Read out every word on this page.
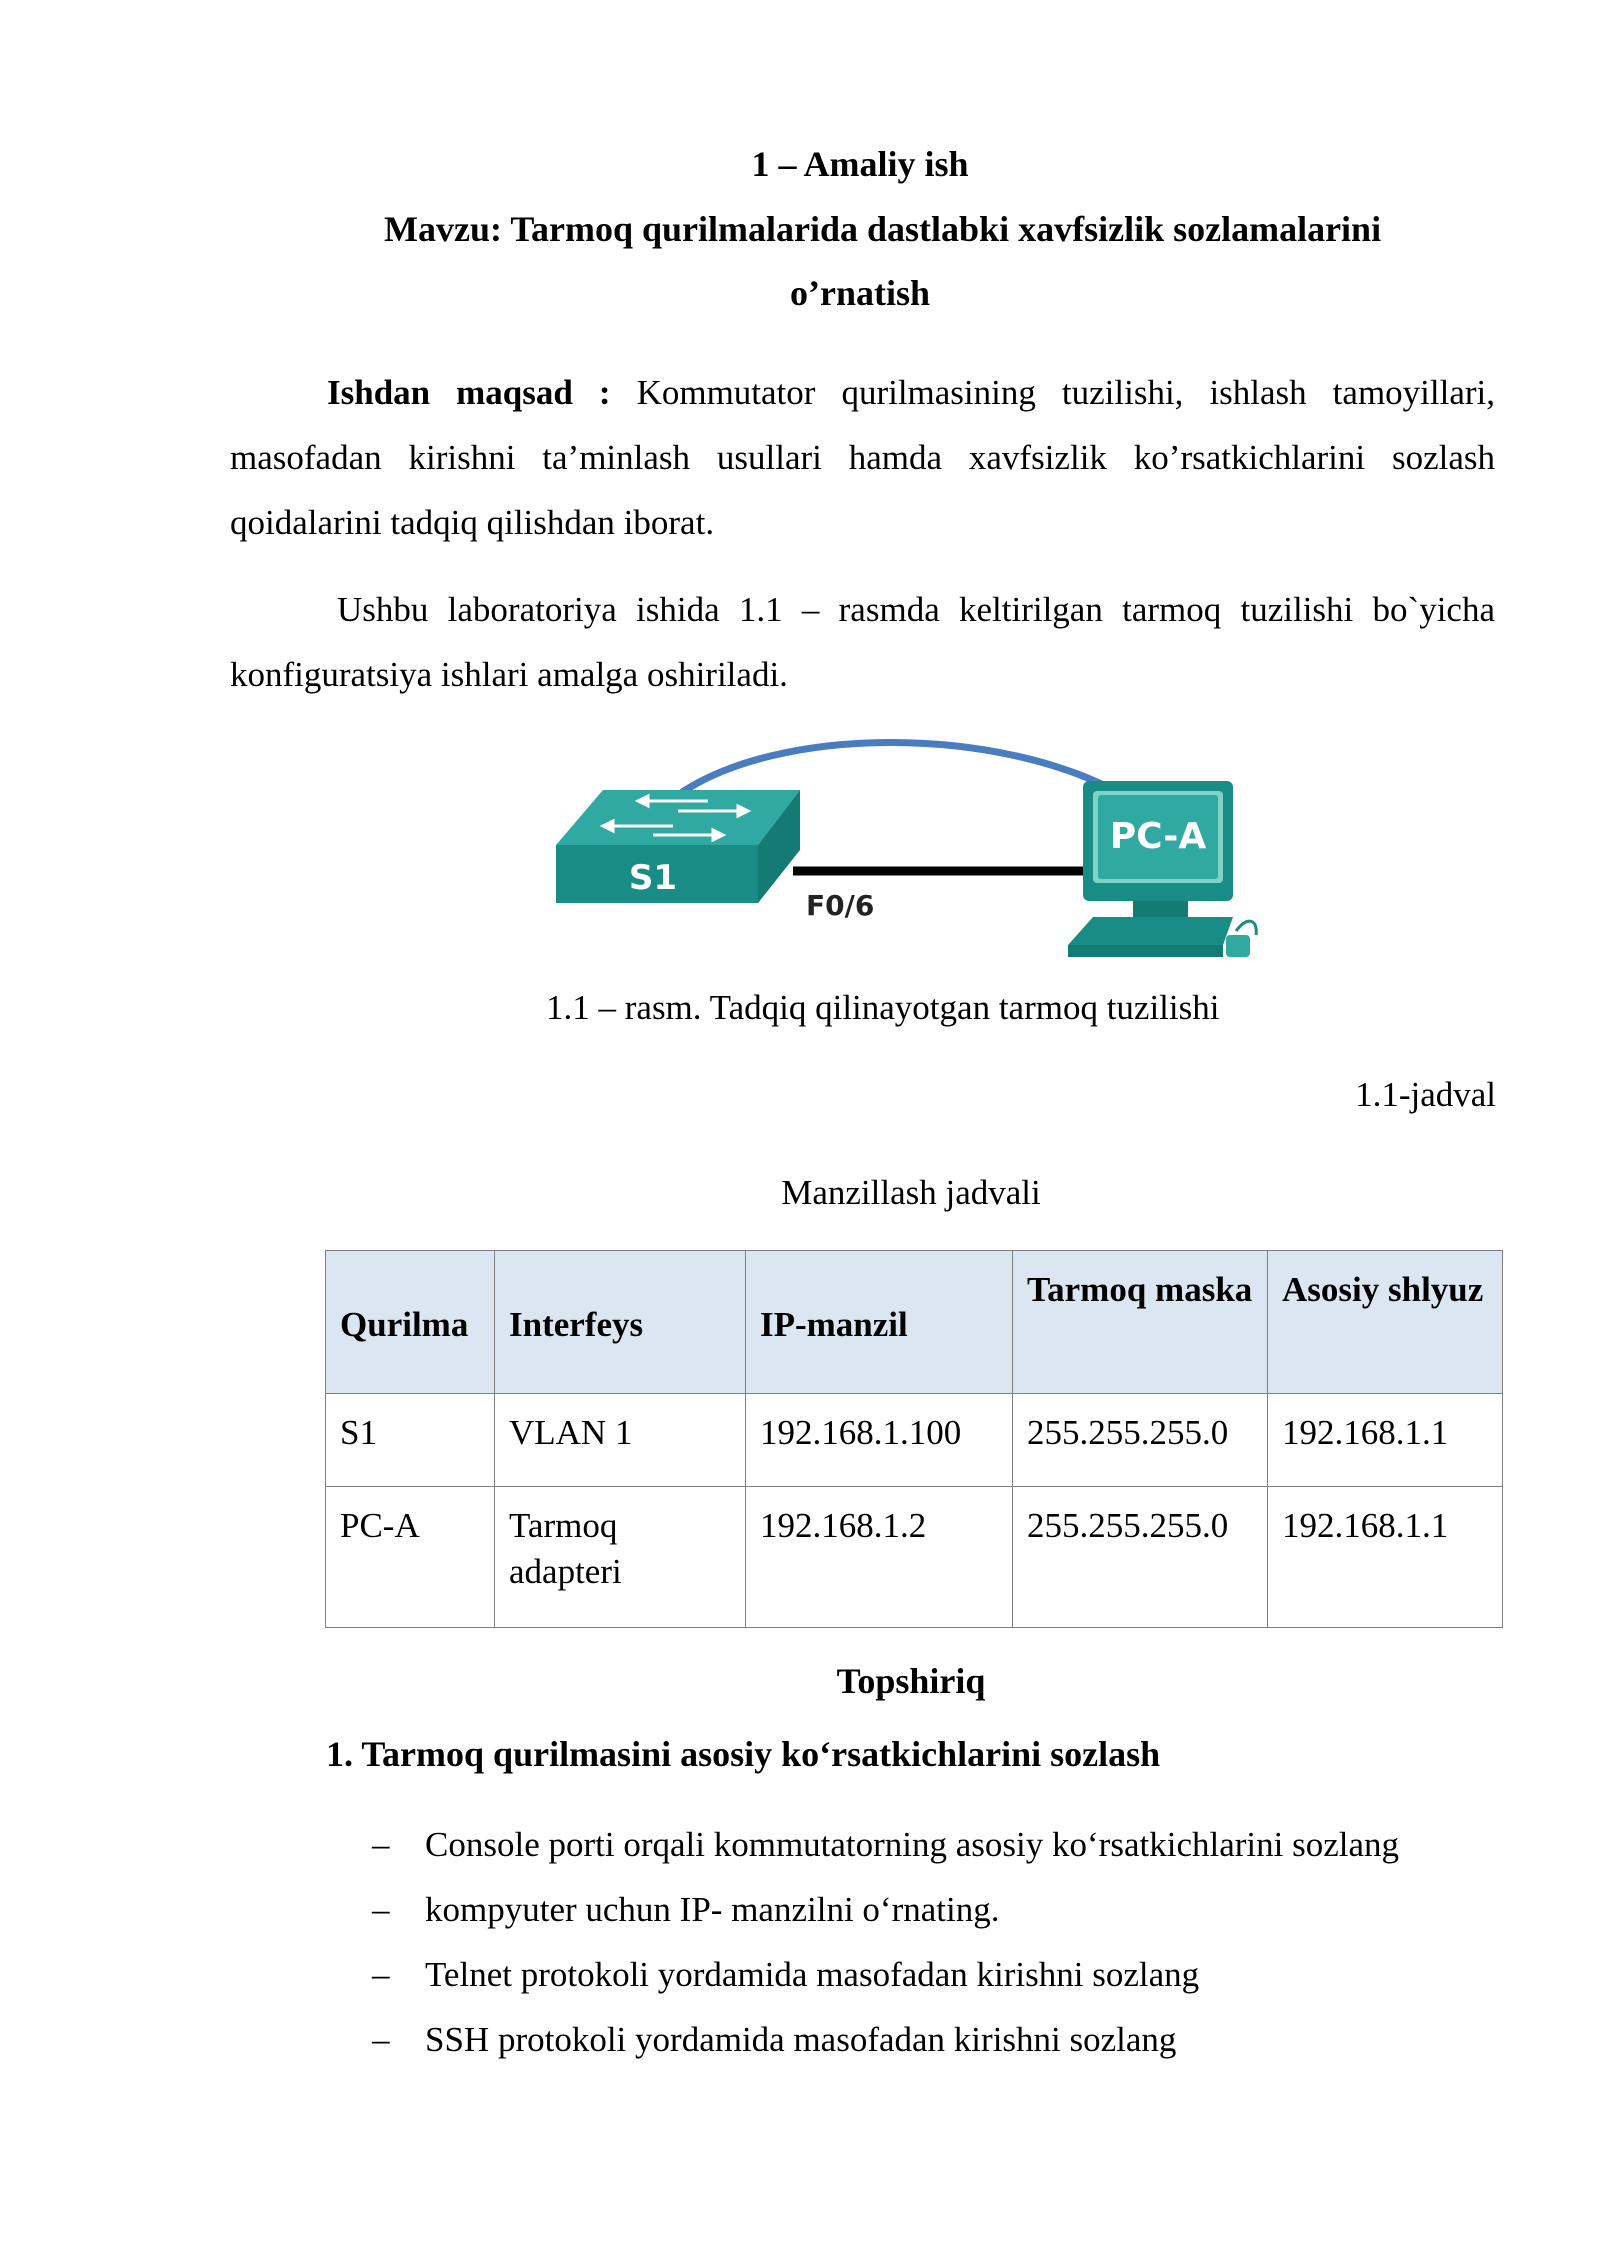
1 – Amaliy ish
Mavzu: Tarmoq qurilmalarida dastlabki xavfsizlik sozlamalarini
o’rnatish
Ishdan maqsad : Kommutator qurilmasining tuzilishi, ishlash tamoyillari, masofadan kirishni ta’minlash usullari hamda xavfsizlik ko’rsatkichlarini sozlash qoidalarini tadqiq qilishdan iborat.
Ushbu laboratoriya ishida 1.1 – rasmda keltirilgan tarmoq tuzilishi bo`yicha konfiguratsiya ishlari amalga oshiriladi.
S1
F0/6
PC-A
1.1 – rasm. Tadqiq qilinayotgan tarmoq tuzilishi
1.1-jadval
Manzillash jadvali
Qurilma	Interfeys	IP-manzil	Tarmoq maska	Asosiy shlyuz
S1	VLAN 1	192.168.1.100	255.255.255.0	192.168.1.1
PC-A	Tarmoq adapteri	192.168.1.2	255.255.255.0	192.168.1.1
Topshiriq
1. Tarmoq qurilmasini asosiy ko‘rsatkichlarini sozlash
– Console porti orqali kommutatorning asosiy ko‘rsatkichlarini sozlang
– kompyuter uchun IP- manzilni o‘rnating.
– Telnet protokoli yordamida masofadan kirishni sozlang
– SSH protokoli yordamida masofadan kirishni sozlang
